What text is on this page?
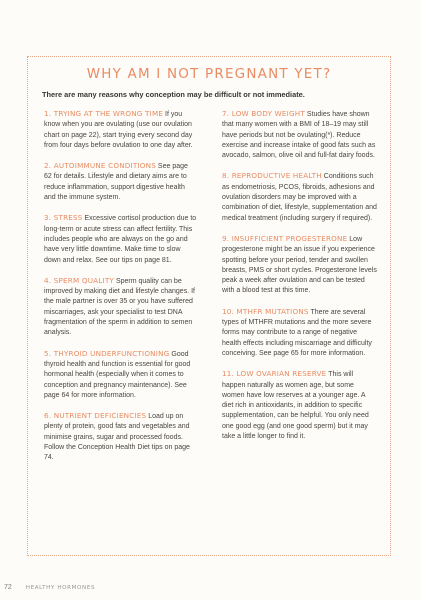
WHY AM I NOT PREGNANT YET?

There are many reasons why conception may be difficult or not immediate.

1. TRYING AT THE WRONG TIME If you know when you are ovulating (use our ovulation chart on page 22), start trying every second day from four days before ovulation to one day after.

2. AUTOIMMUNE CONDITIONS See page 62 for details. Lifestyle and dietary aims are to reduce inflammation, support digestive health and the immune system.

3. STRESS Excessive cortisol production due to long-term or acute stress can affect fertility. This includes people who are always on the go and have very little downtime. Make time to slow down and relax. See our tips on page 81.

4. SPERM QUALITY Sperm quality can be improved by making diet and lifestyle changes. If the male partner is over 35 or you have suffered miscarriages, ask your specialist to test DNA fragmentation of the sperm in addition to semen analysis.

5. THYROID UNDERFUNCTIONING Good thyroid health and function is essential for good hormonal health (especially when it comes to conception and pregnancy maintenance). See page 64 for more information.

6. NUTRIENT DEFICIENCIES Load up on plenty of protein, good fats and vegetables and minimise grains, sugar and processed foods. Follow the Conception Health Diet tips on page 74.

7. LOW BODY WEIGHT Studies have shown that many women with a BMI of 18–19 may still have periods but not be ovulating(*). Reduce exercise and increase intake of good fats such as avocado, salmon, olive oil and full-fat dairy foods.

8. REPRODUCTIVE HEALTH Conditions such as endometriosis, PCOS, fibroids, adhesions and ovulation disorders may be improved with a combination of diet, lifestyle, supplementation and medical treatment (including surgery if required).

9. INSUFFICIENT PROGESTERONE Low progesterone might be an issue if you experience spotting before your period, tender and swollen breasts, PMS or short cycles. Progesterone levels peak a week after ovulation and can be tested with a blood test at this time.

10. MTHFR MUTATIONS There are several types of MTHFR mutations and the more severe forms may contribute to a range of negative health effects including miscarriage and difficulty conceiving. See page 65 for more information.

11. LOW OVARIAN RESERVE This will happen naturally as women age, but some women have low reserves at a younger age. A diet rich in antioxidants, in addition to specific supplementation, can be helpful. You only need one good egg (and one good sperm) but it may take a little longer to find it.

72	HEALTHY HORMONES
